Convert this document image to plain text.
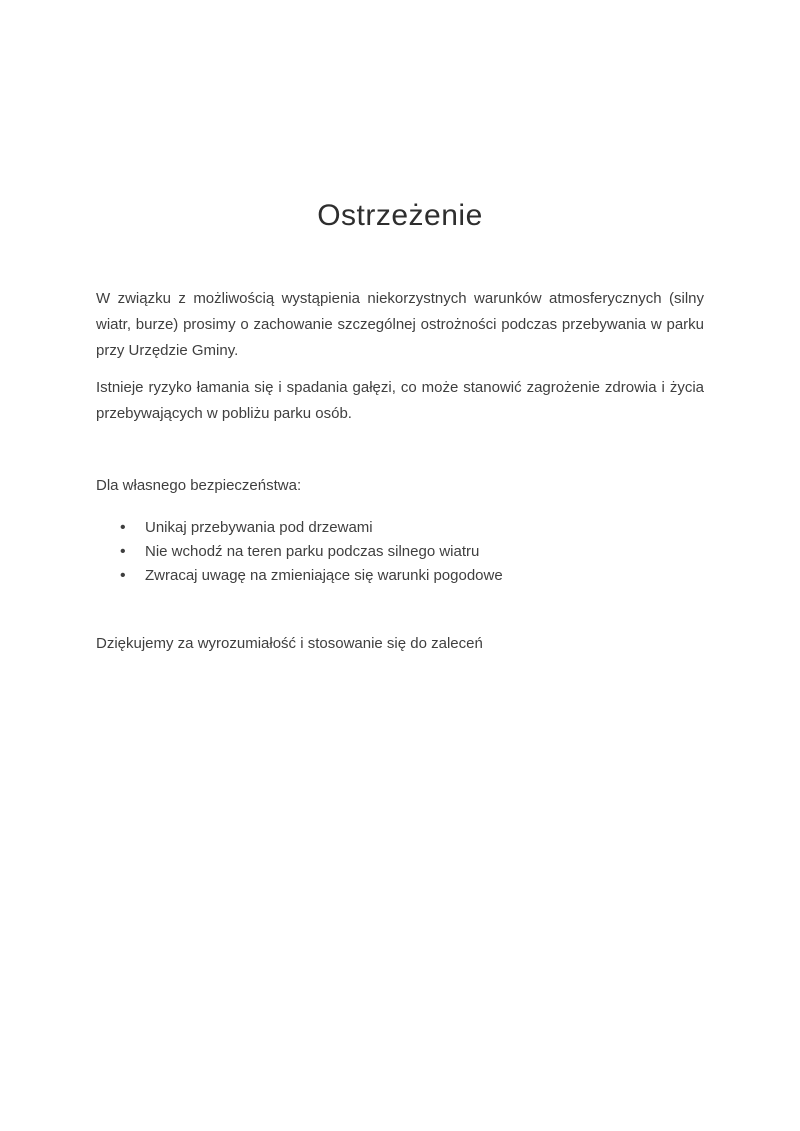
Ostrzeżenie

W związku z możliwością wystąpienia niekorzystnych warunków atmosferycznych (silny wiatr, burze) prosimy o zachowanie szczególnej ostrożności podczas przebywania w parku przy Urzędzie Gminy.

Istnieje ryzyko łamania się i spadania gałęzi, co może stanowić zagrożenie zdrowia i życia przebywających w pobliżu parku osób.

Dla własnego bezpieczeństwa:

• Unikaj przebywania pod drzewami
• Nie wchodź na teren parku podczas silnego wiatru
• Zwracaj uwagę na zmieniające się warunki pogodowe

Dziękujemy za wyrozumiałość i stosowanie się do zaleceń
